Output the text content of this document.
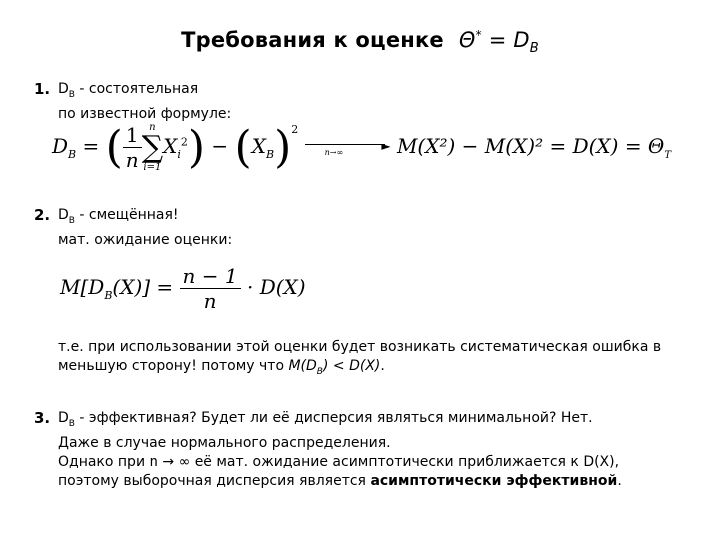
Требования к оценке $\Theta^* = D_B$
1. $D_B$ - состоятельная
по известной формуле:
$D_B$ = ( $\frac{1}{n}$ n
∑
i=1
$X_i^2) - (X_B)^2$
►
n→∞	$M(X^2) - M(X)^2 = D(X) = \Theta_T$
2. $D_B$ - смещённая!
мат. ожидание оценки:
$M[D_B(X)] = \frac{n - 1}{n} \cdot D(X)$
т.е. при использовании этой оценки будет возникать систематическая ошибка в
меньшую сторону! потому что $M(D_B) < D(X)$.
3. $D_B$ - эффективная? Будет ли её дисперсия являться минимальной? Нет.
Даже в случае нормального распределения.
Однако при n → ∞ её мат. ожидание асимптотически приближается к D(X),
поэтому выборочная дисперсия является асимптотически эффективной.
